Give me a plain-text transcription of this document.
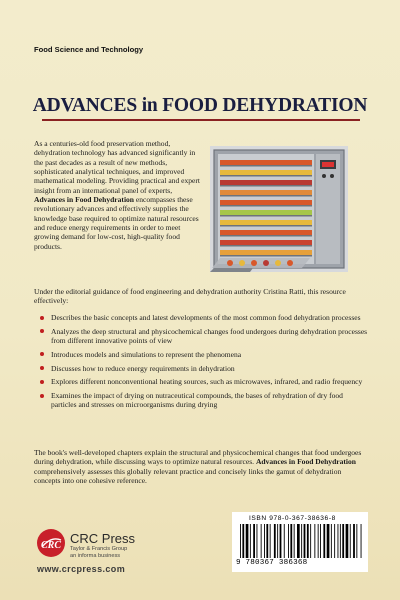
Food Science and Technology
ADVANCES in FOOD DEHYDRATION
As a centuries-old food preservation method, dehydration technology has advanced significantly in the past decades as a result of new methods, sophisticated analytical techniques, and improved mathematical modeling. Providing practical and expert insight from an international panel of experts, Advances in Food Dehydration encompasses these revolutionary advances and effectively supplies the knowledge base required to optimize natural resources and reduce energy requirements in order to meet growing demand for low-cost, high-quality food products.
Under the editorial guidance of food engineering and dehydration authority Cristina Ratti, this resource effectively:
Describes the basic concepts and latest developments of the most common food dehydration processes
Analyzes the deep structural and physicochemical changes food undergoes during dehydration processes from different innovative points of view
Introduces models and simulations to represent the phenomena
Discusses how to reduce energy requirements in dehydration
Explores different nonconventional heating sources, such as microwaves, infrared, and radio frequency
Examines the impact of drying on nutraceutical compounds, the bases of rehydration of dry food particles and stresses on microorganisms during drying
The book's well-developed chapters explain the structural and physicochemical changes that food undergoes during dehydration, while discussing ways to optimize natural resources. Advances in Food Dehydration comprehensively assesses this globally relevant practice and concisely links the gamut of dehydration concepts into one cohesive reference.
CRC CRC Press
Taylor & Francis Group
an informa business
www.crcpress.com
ISBN 978-0-367-38636-8
9 780367 386368
